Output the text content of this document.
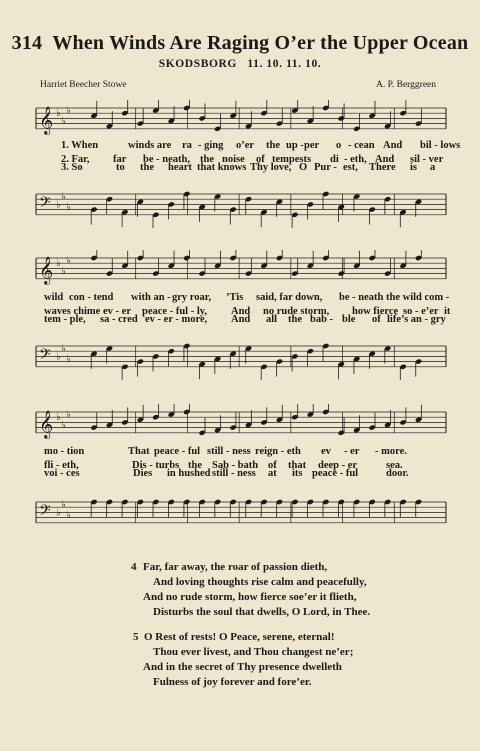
314 When Winds Are Raging O’er the Upper Ocean
SKODSBORG 11. 10. 11. 10.
Harriet Beecher Stowe	A. P. Berggreen
𝄞 ♭
♭
♭
𝄢 ♭
♭
♭
𝄞 ♭
♭
♭
𝄢 ♭
♭
♭
𝄞 ♭
♭
♭
𝄢 ♭
♭
♭
1. When	winds are ra - ging o’er the up - per o - cean And bil - lows
2. Far, far be - neath, the noise of tempests di - eth, And sil - ver
3. So	to the heart that knows Thy love, O Pur - est, There is a
wild con - tend with an - gry roar, ’Tis said, far down, be - neath the wild com -
waves chime ev - er peace - ful - ly, And no rude storm, how fierce so - e’er it
tem - ple, sa - cred ev - er - more, And all the bab - ble of life’s an - gry
mo - tion	That peace - ful still - ness reign - eth ev - er - more.
fli - eth,	Dis - turbs the Sab - bath of that deep - er	sea.
voi - ces	Dies in hushed still - ness at its peace - ful	door.
4 Far, far away, the roar of passion dieth,
And loving thoughts rise calm and peacefully,
And no rude storm, how fierce soe’er it flieth,
Disturbs the soul that dwells, O Lord, in Thee.
5 O Rest of rests! O Peace, serene, eternal!
Thou ever livest, and Thou changest ne’er;
And in the secret of Thy presence dwelleth
Fulness of joy forever and fore’er.
